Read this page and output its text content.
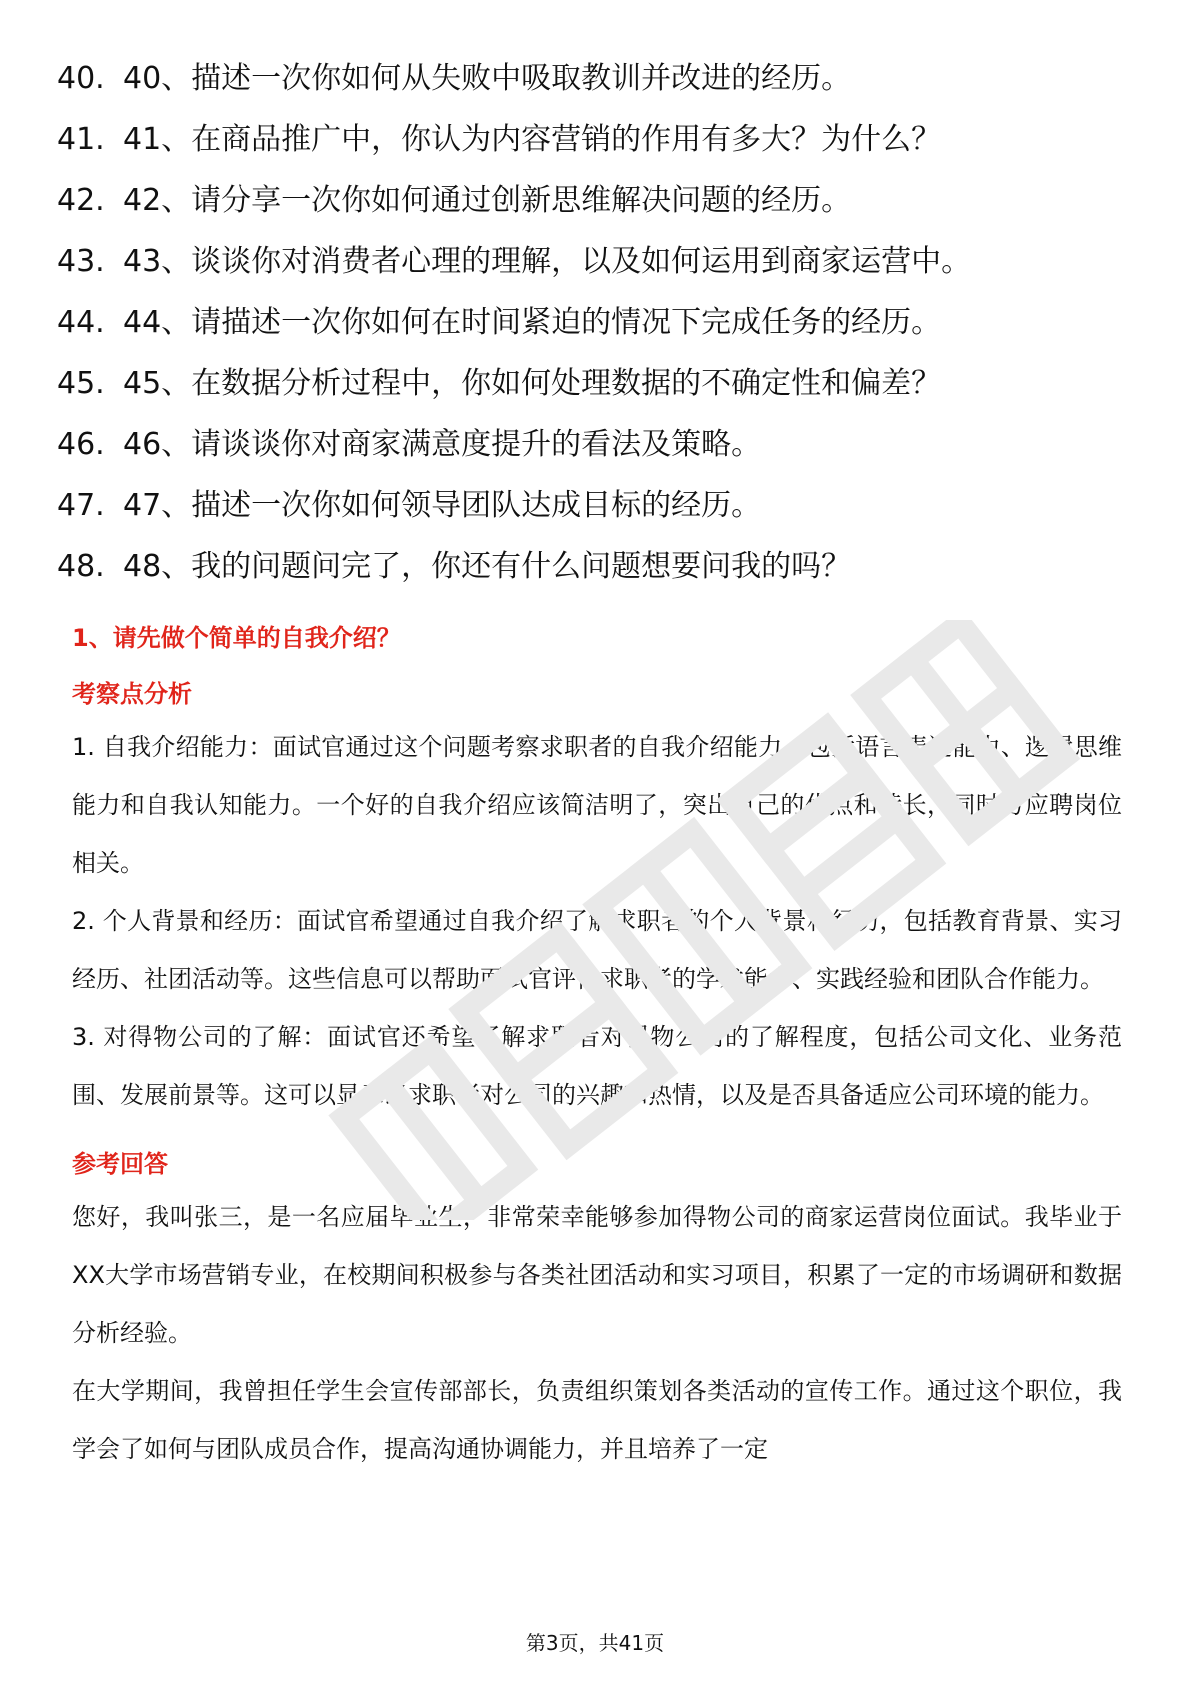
40. 40、描述一次你如何从失败中吸取教训并改进的经历。
41. 41、在商品推广中，你认为内容营销的作用有多大？为什么？
42. 42、请分享一次你如何通过创新思维解决问题的经历。
43. 43、谈谈你对消费者心理的理解，以及如何运用到商家运营中。
44. 44、请描述一次你如何在时间紧迫的情况下完成任务的经历。
45. 45、在数据分析过程中，你如何处理数据的不确定性和偏差？
46. 46、请谈谈你对商家满意度提升的看法及策略。
47. 47、描述一次你如何领导团队达成目标的经历。
48. 48、我的问题问完了，你还有什么问题想要问我的吗？
1、请先做个简单的自我介绍？
考察点分析

1. 自我介绍能力：面试官通过这个问题考察求职者的自我介绍能力，包括语言表达能力、逻辑思维能力和自我认知能力。一个好的自我介绍应该简洁明了，突出自己的优点和特长，同时与应聘岗位相关。

2. 个人背景和经历：面试官希望通过自我介绍了解求职者的个人背景和经历，包括教育背景、实习经历、社团活动等。这些信息可以帮助面试官评估求职者的学术能力、实践经验和团队合作能力。

3. 对得物公司的了解：面试官还希望了解求职者对得物公司的了解程度，包括公司文化、业务范围、发展前景等。这可以显示出求职者对公司的兴趣和热情，以及是否具备适应公司环境的能力。

参考回答

您好，我叫张三，是一名应届毕业生，非常荣幸能够参加得物公司的商家运营岗位面试。我毕业于XX大学市场营销专业，在校期间积极参与各类社团活动和实习项目，积累了一定的市场调研和数据分析经验。

在大学期间，我曾担任学生会宣传部部长，负责组织策划各类活动的宣传工作。通过这个职位，我学会了如何与团队成员合作，提高沟通协调能力，并且培养了一定

第3页，共41页
